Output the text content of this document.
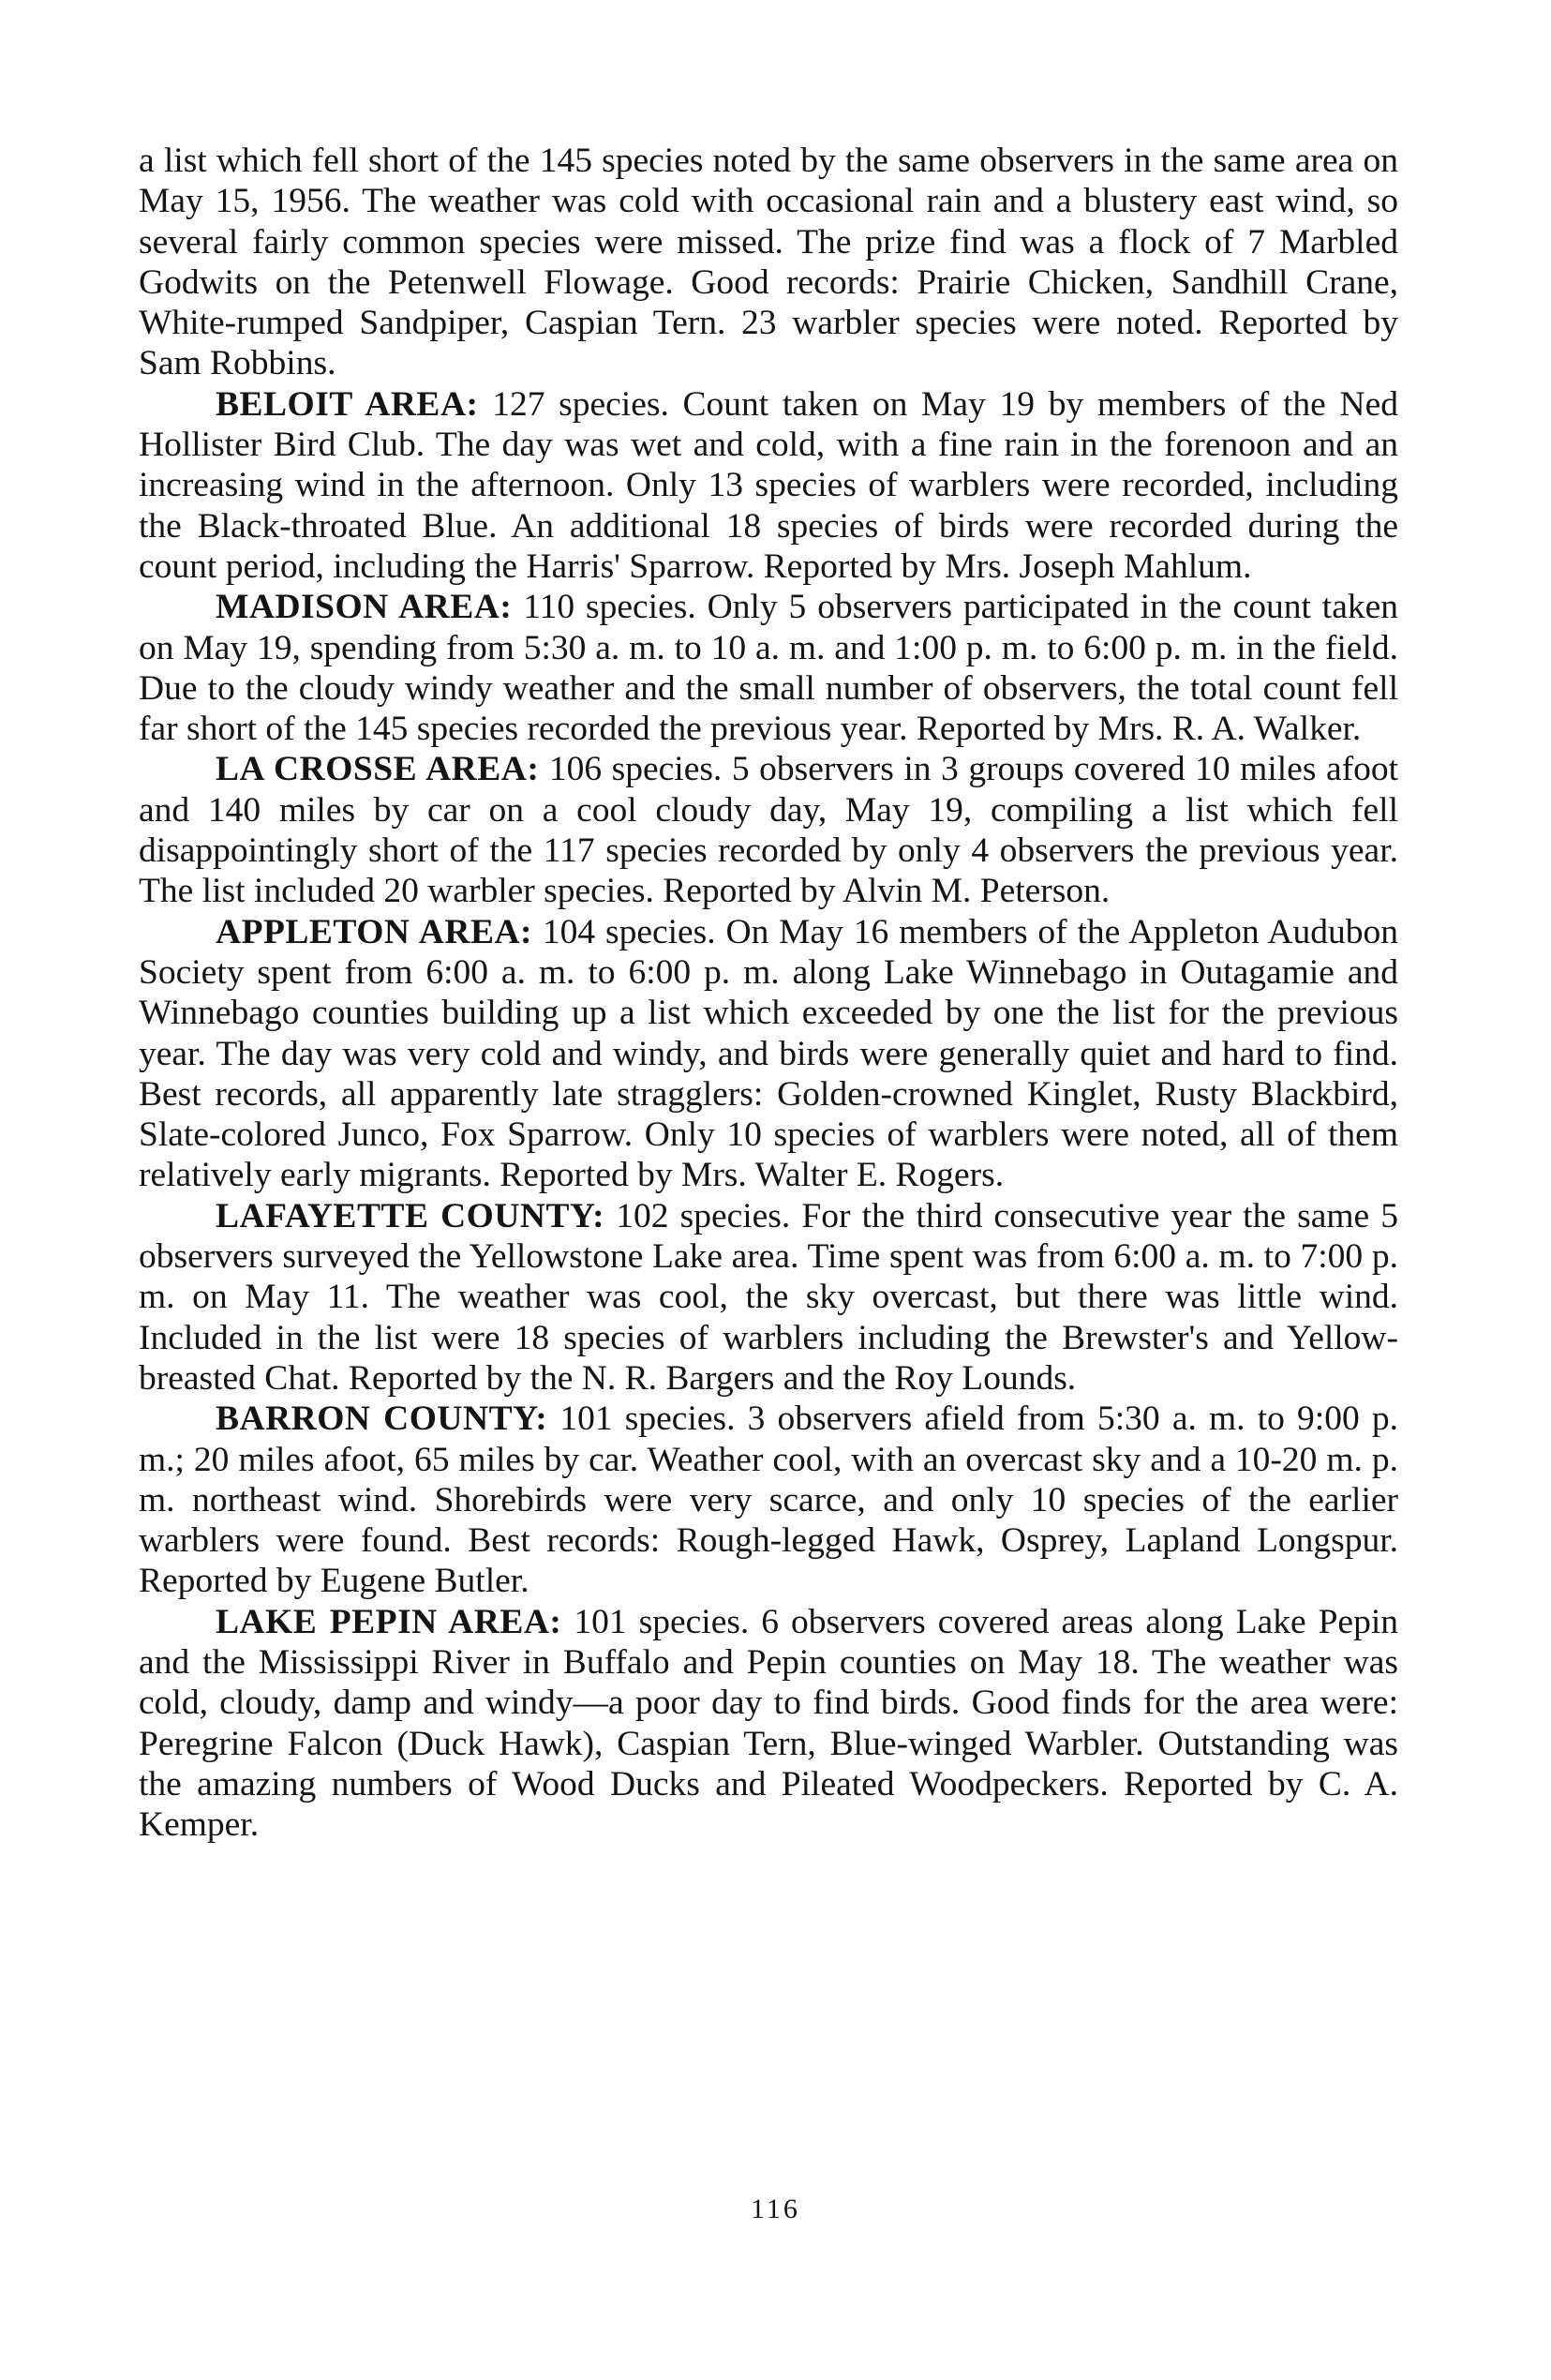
a list which fell short of the 145 species noted by the same observers in the same area on May 15, 1956. The weather was cold with occasional rain and a blustery east wind, so several fairly common species were missed. The prize find was a flock of 7 Marbled Godwits on the Petenwell Flowage. Good records: Prairie Chicken, Sandhill Crane, White-rumped Sandpiper, Caspian Tern. 23 warbler species were noted. Reported by Sam Robbins.

BELOIT AREA: 127 species. Count taken on May 19 by members of the Ned Hollister Bird Club. The day was wet and cold, with a fine rain in the forenoon and an increasing wind in the afternoon. Only 13 species of warblers were recorded, including the Black-throated Blue. An additional 18 species of birds were recorded during the count period, including the Harris' Sparrow. Reported by Mrs. Joseph Mahlum.

MADISON AREA: 110 species. Only 5 observers participated in the count taken on May 19, spending from 5:30 a. m. to 10 a. m. and 1:00 p. m. to 6:00 p. m. in the field. Due to the cloudy windy weather and the small number of observers, the total count fell far short of the 145 species recorded the previous year. Reported by Mrs. R. A. Walker.

LA CROSSE AREA: 106 species. 5 observers in 3 groups covered 10 miles afoot and 140 miles by car on a cool cloudy day, May 19, compiling a list which fell disappointingly short of the 117 species recorded by only 4 observers the previous year. The list included 20 warbler species. Reported by Alvin M. Peterson.

APPLETON AREA: 104 species. On May 16 members of the Appleton Audubon Society spent from 6:00 a. m. to 6:00 p. m. along Lake Winnebago in Outagamie and Winnebago counties building up a list which exceeded by one the list for the previous year. The day was very cold and windy, and birds were generally quiet and hard to find. Best records, all apparently late stragglers: Golden-crowned Kinglet, Rusty Blackbird, Slate-colored Junco, Fox Sparrow. Only 10 species of warblers were noted, all of them relatively early migrants. Reported by Mrs. Walter E. Rogers.

LAFAYETTE COUNTY: 102 species. For the third consecutive year the same 5 observers surveyed the Yellowstone Lake area. Time spent was from 6:00 a. m. to 7:00 p. m. on May 11. The weather was cool, the sky overcast, but there was little wind. Included in the list were 18 species of warblers including the Brewster's and Yellow-breasted Chat. Reported by the N. R. Bargers and the Roy Lounds.

BARRON COUNTY: 101 species. 3 observers afield from 5:30 a. m. to 9:00 p. m.; 20 miles afoot, 65 miles by car. Weather cool, with an overcast sky and a 10-20 m. p. m. northeast wind. Shorebirds were very scarce, and only 10 species of the earlier warblers were found. Best records: Rough-legged Hawk, Osprey, Lapland Longspur. Reported by Eugene Butler.

LAKE PEPIN AREA: 101 species. 6 observers covered areas along Lake Pepin and the Mississippi River in Buffalo and Pepin counties on May 18. The weather was cold, cloudy, damp and windy—a poor day to find birds. Good finds for the area were: Peregrine Falcon (Duck Hawk), Caspian Tern, Blue-winged Warbler. Outstanding was the amazing numbers of Wood Ducks and Pileated Woodpeckers. Reported by C. A. Kemper.

116
